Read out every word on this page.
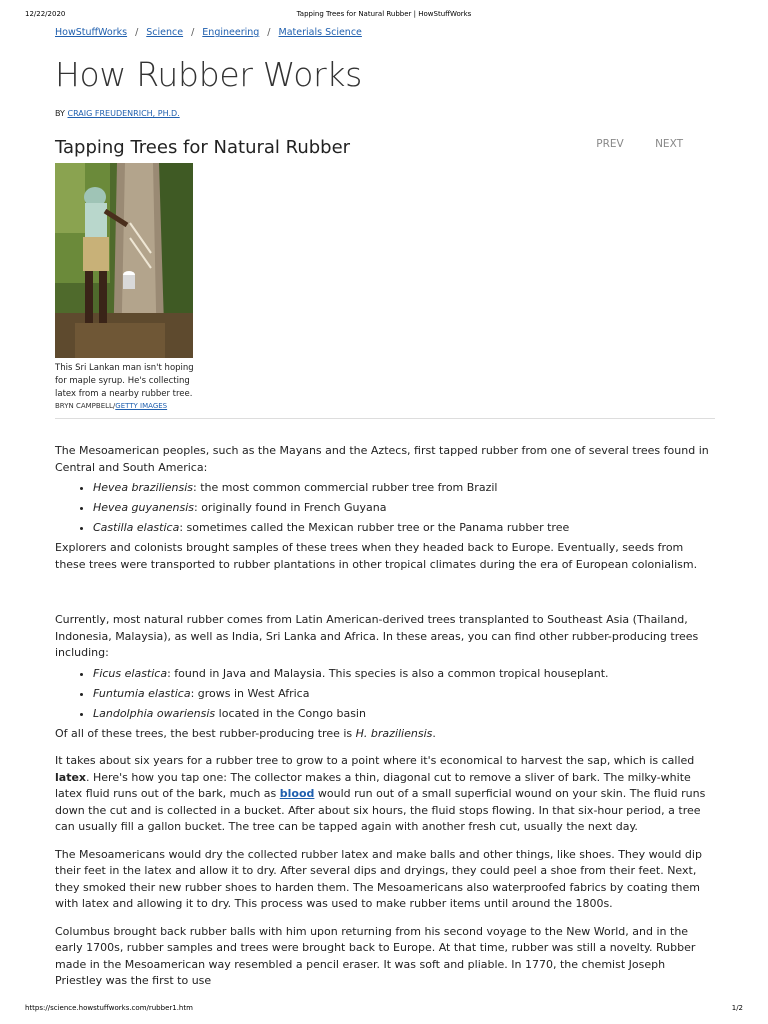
12/22/2020	Tapping Trees for Natural Rubber | HowStuffWorks
HowStuffWorks / Science / Engineering / Materials Science
How Rubber Works
BY CRAIG FREUDENRICH, PH.D.
Tapping Trees for Natural Rubber	PREV	NEXT
This Sri Lankan man isn't hoping for maple syrup. He's collecting latex from a nearby rubber tree.
BRYN CAMPBELL/GETTY IMAGES

The Mesoamerican peoples, such as the Mayans and the Aztecs, first tapped rubber from one of several trees found in Central and South America:

• Hevea braziliensis: the most common commercial rubber tree from Brazil
• Hevea guyanensis: originally found in French Guyana
• Castilla elastica: sometimes called the Mexican rubber tree or the Panama rubber tree

Explorers and colonists brought samples of these trees when they headed back to Europe. Eventually, seeds from these trees were transported to rubber plantations in other tropical climates during the era of European colonialism.

Currently, most natural rubber comes from Latin American-derived trees transplanted to Southeast Asia (Thailand, Indonesia, Malaysia), as well as India, Sri Lanka and Africa. In these areas, you can find other rubber-producing trees including:

• Ficus elastica: found in Java and Malaysia. This species is also a common tropical houseplant.
• Funtumia elastica: grows in West Africa
• Landolphia owariensis located in the Congo basin

Of all of these trees, the best rubber-producing tree is H. braziliensis.

It takes about six years for a rubber tree to grow to a point where it's economical to harvest the sap, which is called latex. Here's how you tap one: The collector makes a thin, diagonal cut to remove a sliver of bark. The milky-white latex fluid runs out of the bark, much as blood would run out of a small superficial wound on your skin. The fluid runs down the cut and is collected in a bucket. After about six hours, the fluid stops flowing. In that six-hour period, a tree can usually fill a gallon bucket. The tree can be tapped again with another fresh cut, usually the next day.

The Mesoamericans would dry the collected rubber latex and make balls and other things, like shoes. They would dip their feet in the latex and allow it to dry. After several dips and dryings, they could peel a shoe from their feet. Next, they smoked their new rubber shoes to harden them. The Mesoamericans also waterproofed fabrics by coating them with latex and allowing it to dry. This process was used to make rubber items until around the 1800s.

Columbus brought back rubber balls with him upon returning from his second voyage to the New World, and in the early 1700s, rubber samples and trees were brought back to Europe. At that time, rubber was still a novelty. Rubber made in the Mesoamerican way resembled a pencil eraser. It was soft and pliable. In 1770, the chemist Joseph Priestley was the first to use

https://science.howstuffworks.com/rubber1.htm	1/2
